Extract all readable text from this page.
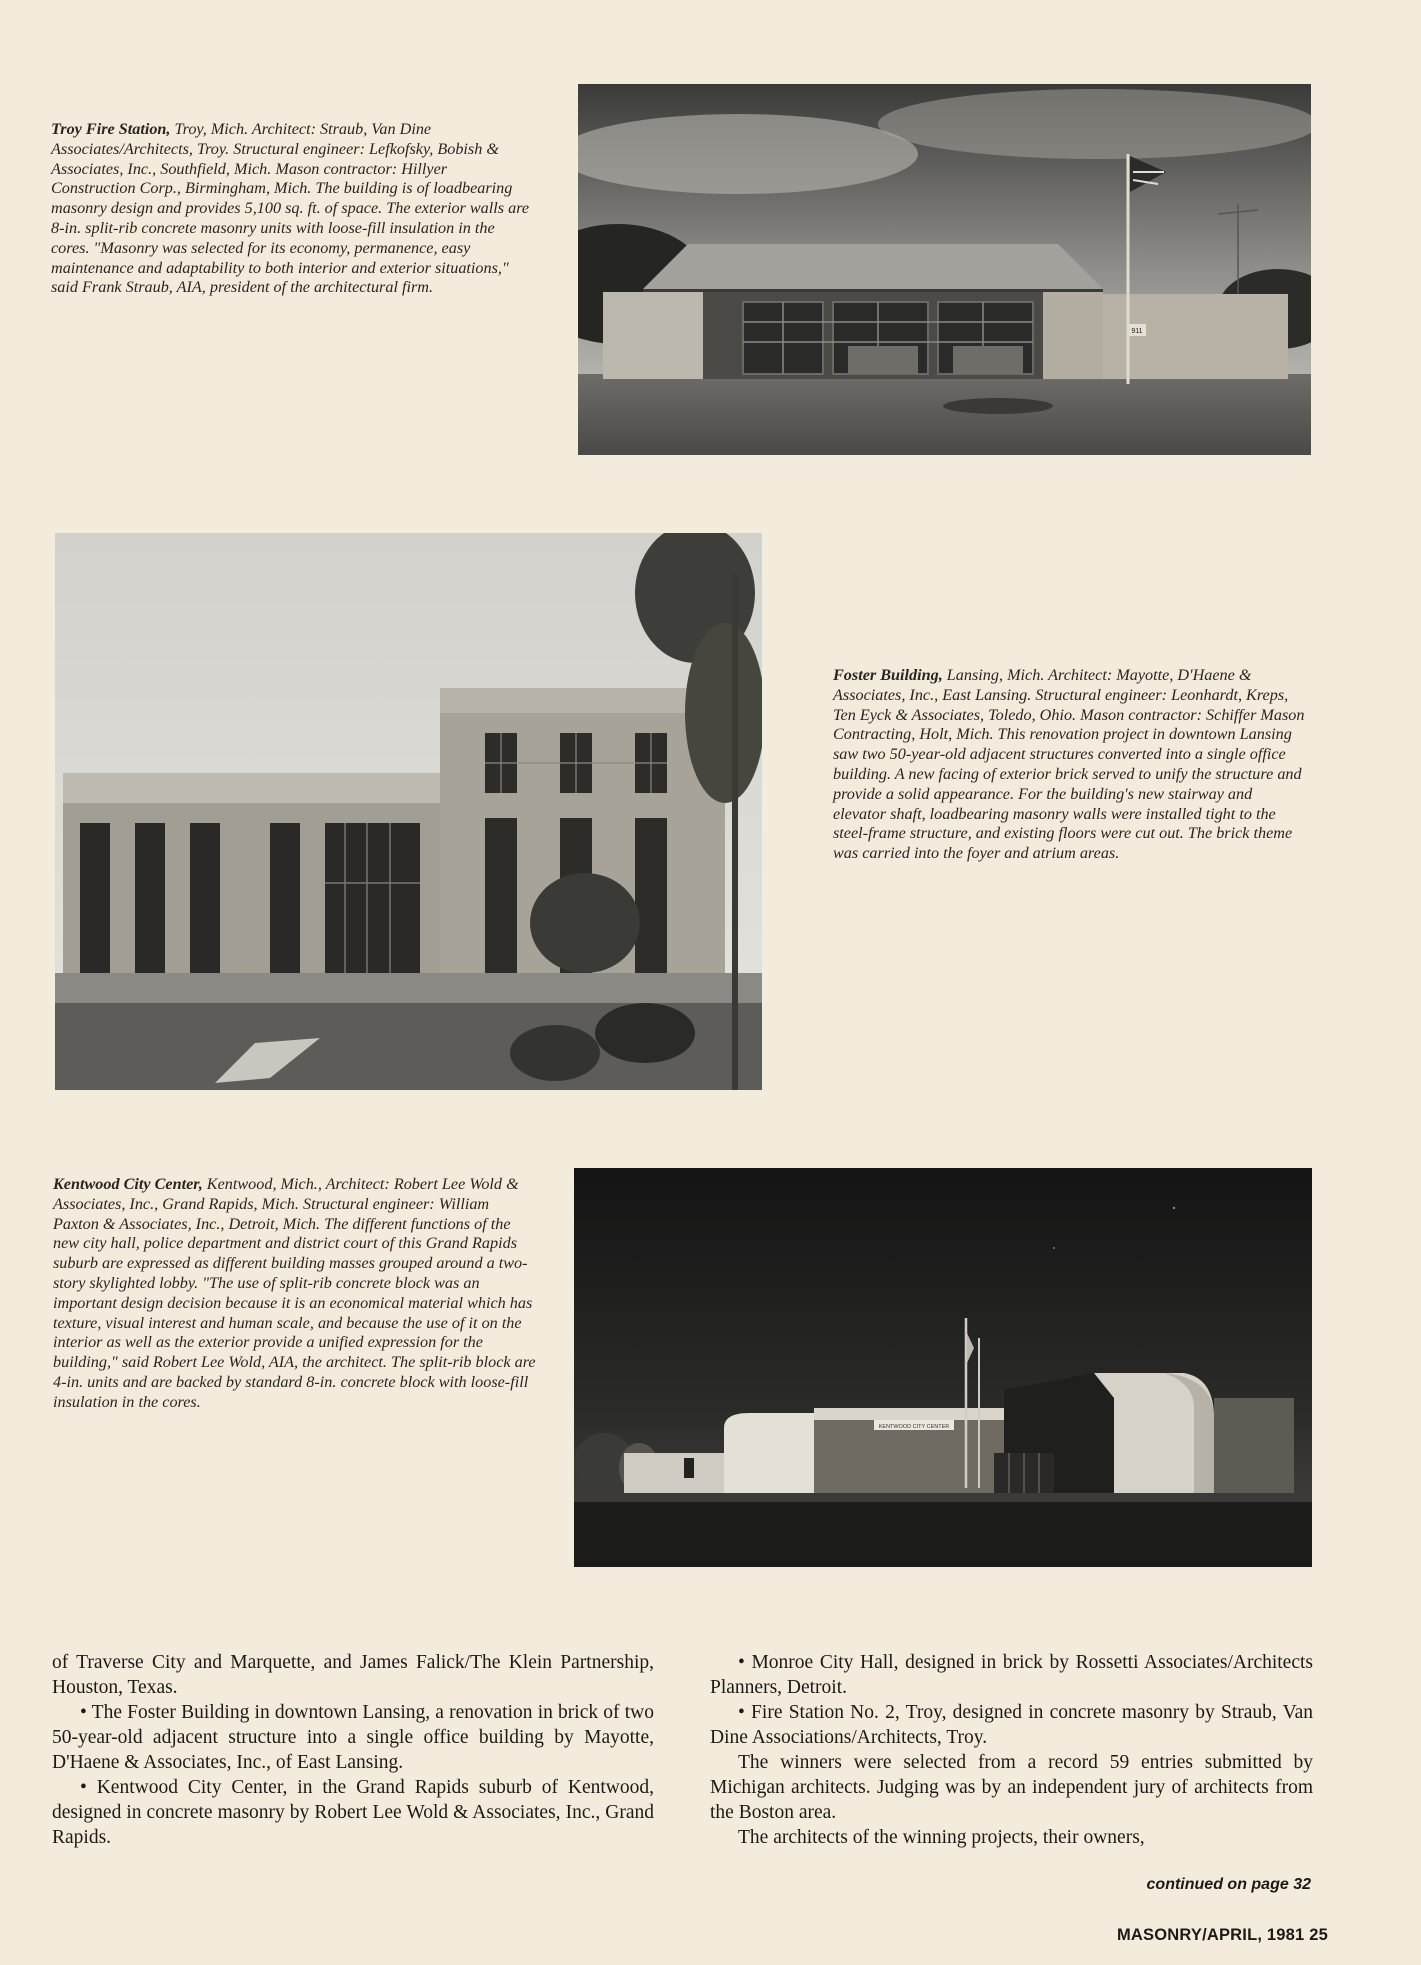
Troy Fire Station, Troy, Mich. Architect: Straub, Van Dine Associates/Architects, Troy. Structural engineer: Lefkofsky, Bobish & Associates, Inc., Southfield, Mich. Mason contractor: Hillyer Construction Corp., Birmingham, Mich. The building is of loadbearing masonry design and provides 5,100 sq. ft. of space. The exterior walls are 8-in. split-rib concrete masonry units with loose-fill insulation in the cores. "Masonry was selected for its economy, permanence, easy maintenance and adaptability to both interior and exterior situations," said Frank Straub, AIA, president of the architectural firm.
911
Foster Building, Lansing, Mich. Architect: Mayotte, D'Haene & Associates, Inc., East Lansing. Structural engineer: Leonhardt, Kreps, Ten Eyck & Associates, Toledo, Ohio. Mason contractor: Schiffer Mason Contracting, Holt, Mich. This renovation project in downtown Lansing saw two 50-year-old adjacent structures converted into a single office building. A new facing of exterior brick served to unify the structure and provide a solid appearance. For the building's new stairway and elevator shaft, loadbearing masonry walls were installed tight to the steel-frame structure, and existing floors were cut out. The brick theme was carried into the foyer and atrium areas.
Kentwood City Center, Kentwood, Mich., Architect: Robert Lee Wold & Associates, Inc., Grand Rapids, Mich. Structural engineer: William Paxton & Associates, Inc., Detroit, Mich. The different functions of the new city hall, police department and district court of this Grand Rapids suburb are expressed as different building masses grouped around a two-story skylighted lobby. "The use of split-rib concrete block was an important design decision because it is an economical material which has texture, visual interest and human scale, and because the use of it on the interior as well as the exterior provide a unified expression for the building," said Robert Lee Wold, AIA, the architect. The split-rib block are 4-in. units and are backed by standard 8-in. concrete block with loose-fill insulation in the cores.
KENTWOOD CITY CENTER

of Traverse City and Marquette, and James Falick/The Klein Partnership, Houston, Texas.

• The Foster Building in downtown Lansing, a renovation in brick of two 50-year-old adjacent structure into a single office building by Mayotte, D'Haene & Associates, Inc., of East Lansing.

• Kentwood City Center, in the Grand Rapids suburb of Kentwood, designed in concrete masonry by Robert Lee Wold & Associates, Inc., Grand Rapids.

• Monroe City Hall, designed in brick by Rossetti Associates/Architects Planners, Detroit.

• Fire Station No. 2, Troy, designed in concrete masonry by Straub, Van Dine Associations/Architects, Troy.

The winners were selected from a record 59 entries submitted by Michigan architects. Judging was by an independent jury of architects from the Boston area.

The architects of the winning projects, their owners,

continued on page 32
MASONRY/APRIL, 1981 25
